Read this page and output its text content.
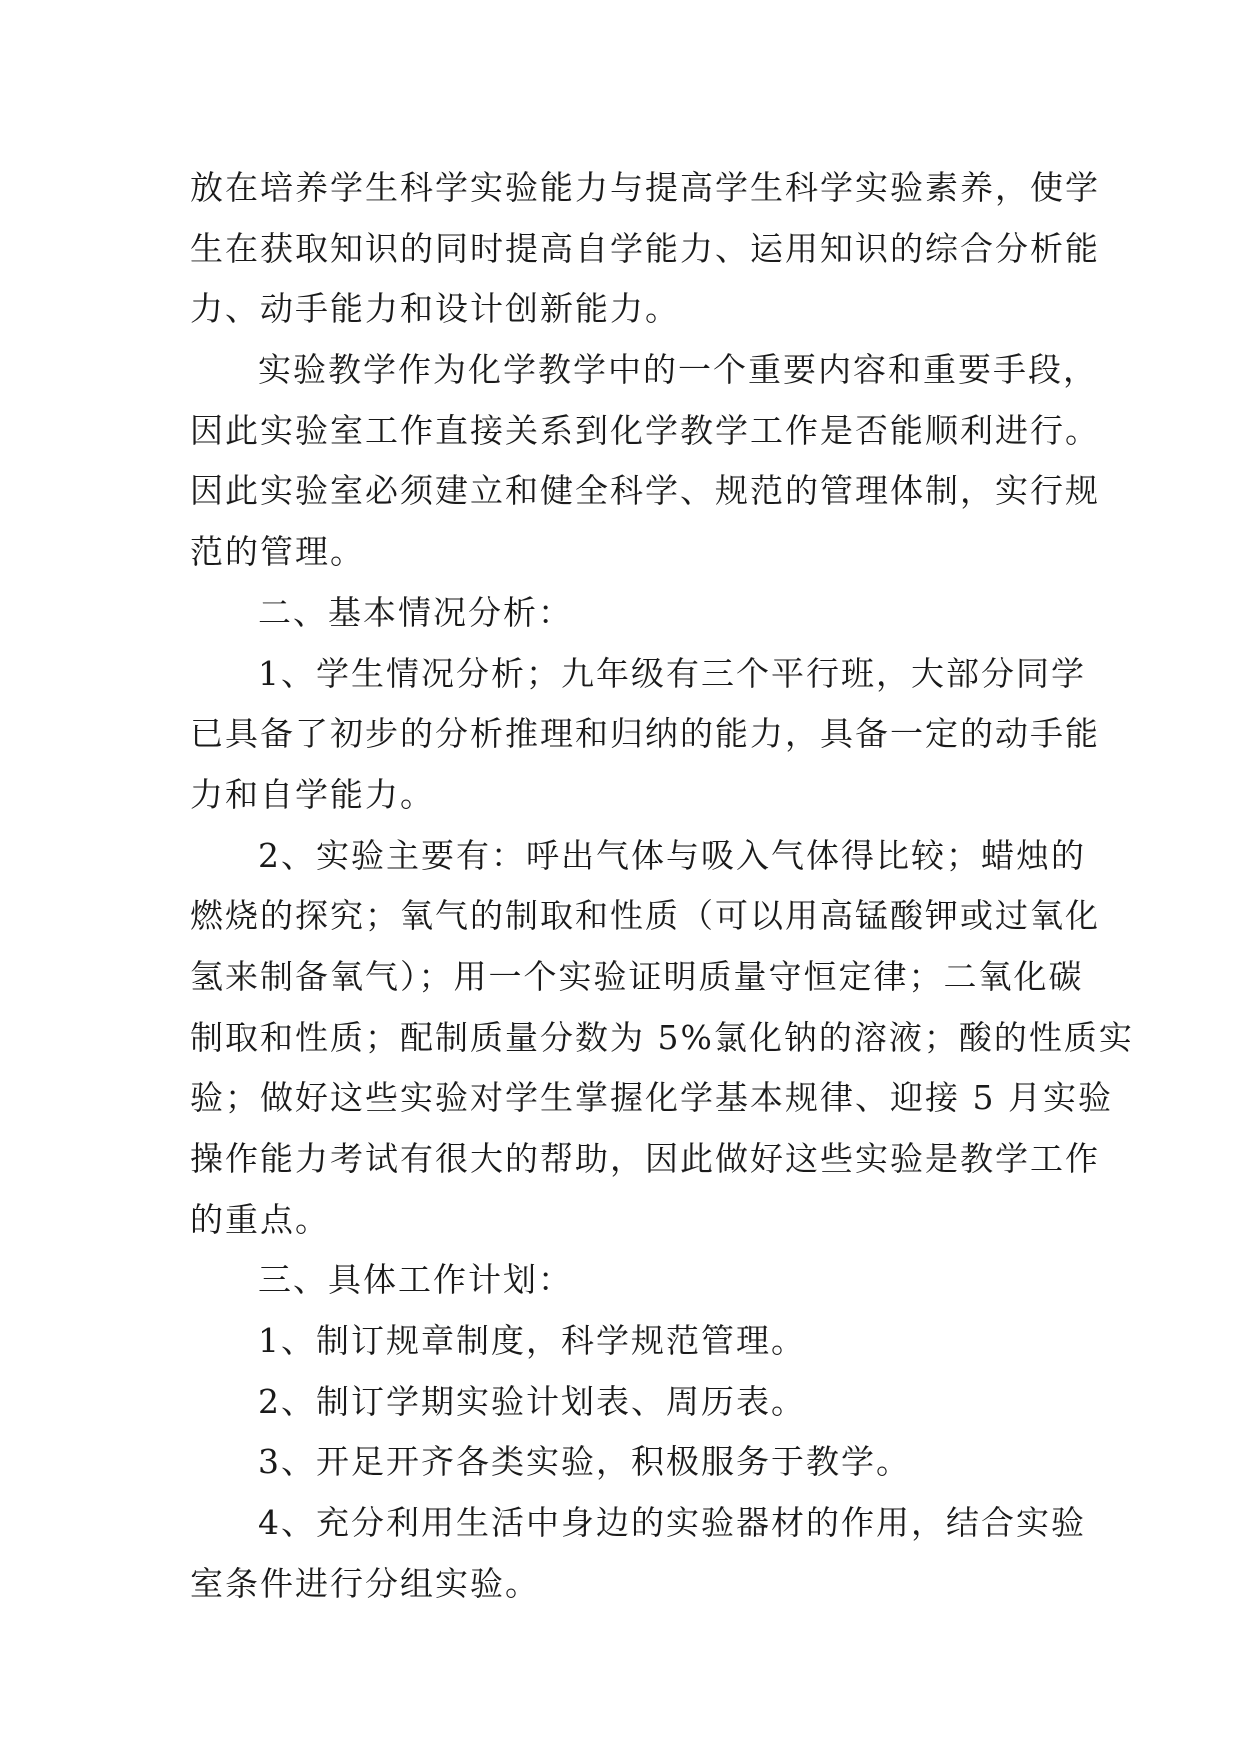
放在培养学生科学实验能力与提高学生科学实验素养，使学
生在获取知识的同时提高自学能力、运用知识的综合分析能
力、动手能力和设计创新能力。
实验教学作为化学教学中的一个重要内容和重要手段，
因此实验室工作直接关系到化学教学工作是否能顺利进行。
因此实验室必须建立和健全科学、规范的管理体制，实行规
范的管理。
二、基本情况分析：
1、学生情况分析；九年级有三个平行班，大部分同学
已具备了初步的分析推理和归纳的能力，具备一定的动手能
力和自学能力。
2、实验主要有：呼出气体与吸入气体得比较；蜡烛的
燃烧的探究；氧气的制取和性质（可以用高锰酸钾或过氧化
氢来制备氧气）；用一个实验证明质量守恒定律；二氧化碳
制取和性质；配制质量分数为 5%氯化钠的溶液；酸的性质实
验；做好这些实验对学生掌握化学基本规律、迎接 5 月实验
操作能力考试有很大的帮助，因此做好这些实验是教学工作
的重点。
三、具体工作计划：
1、制订规章制度，科学规范管理。
2、制订学期实验计划表、周历表。
3、开足开齐各类实验，积极服务于教学。
4、充分利用生活中身边的实验器材的作用，结合实验
室条件进行分组实验。
